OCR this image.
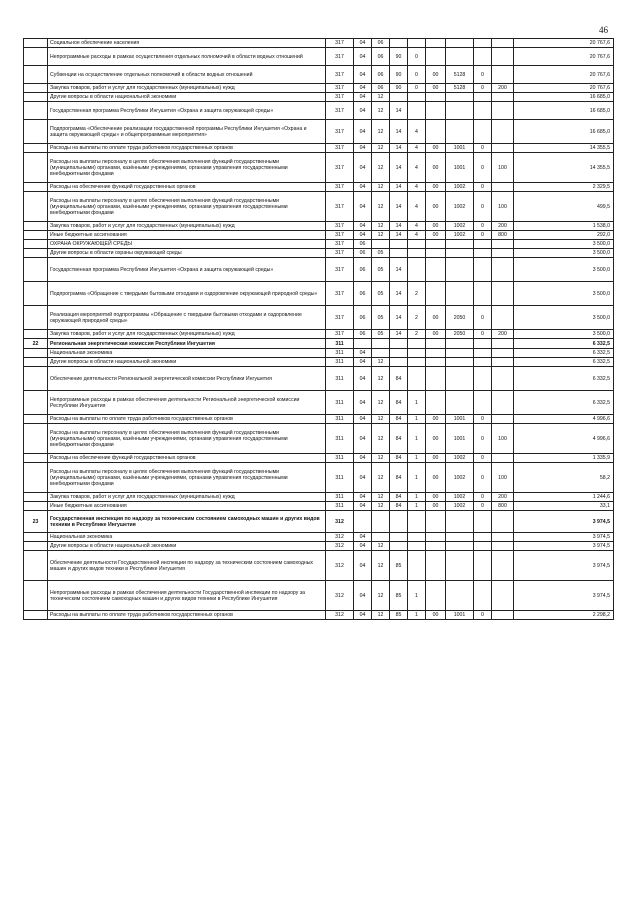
46
	Социальное обеспечение населения	317	04	06							20 767,6
	Непрограммные расходы в рамках осуществления отдельных полномочий в области водных отношений	317	04	06	90	0					20 767,6
	Субвенции на осуществление отдельных полномочий в области водных отношений	317	04	06	90	0	00	5128	0		20 767,6
	Закупка товаров, работ и услуг для государственных (муниципальных) нужд	317	04	06	90	0	00	5128	0	200	20 767,6
	Другие вопросы в области национальной экономики	317	04	12							16 685,0
	Государственная программа Республики Ингушетия «Охрана и защита окружающей среды»	317	04	12	14						16 685,0
	Подпрограмма «Обеспечение реализации государственной программы Республики Ингушетия «Охрана и защита окружающей среды» и общепрограммные мероприятия»	317	04	12	14	4					16 685,0
	Расходы на выплаты по оплате труда работников государственных органов	317	04	12	14	4	00	1001	0		14 355,5
	Расходы на выплаты персоналу в целях обеспечения выполнения функций государственными (муниципальными) органами, казёнными учреждениями, органами управления государственными внебюджетными фондами	317	04	12	14	4	00	1001	0	100	14 355,5
	Расходы на обеспечение функций государственных органов	317	04	12	14	4	00	1002	0		2 329,5
	Расходы на выплаты персоналу в целях обеспечения выполнения функций государственными (муниципальными) органами, казёнными учреждениями, органами управления государственными внебюджетными фондами	317	04	12	14	4	00	1002	0	100	499,5
	Закупка товаров, работ и услуг для государственных (муниципальных) нужд	317	04	12	14	4	00	1002	0	200	1 538,0
	Иные бюджетные ассигнования	317	04	12	14	4	00	1002	0	800	292,0
	ОХРАНА ОКРУЖАЮЩЕЙ СРЕДЫ	317	06								3 500,0
	Другие вопросы в области охраны окружающей среды	317	06	05							3 500,0
	Государственная программа Республики Ингушетия «Охрана и защита окружающей среды»	317	06	05	14						3 500,0
	Подпрограмма «Обращение с твердыми бытовыми отходами и оздоровление окружающей природной среды»	317	06	05	14	2					3 500,0
	Реализация мероприятий подпрограммы «Обращение с твердыми бытовыми отходами и оздоровление окружающей природной среды»	317	06	05	14	2	00	2050	0		3 500,0
	Закупка товаров, работ и услуг для государственных (муниципальных) нужд	317	06	05	14	2	00	2050	0	200	3 500,0
22	Региональная энергетическая комиссия Республики Ингушетия	311									6 332,5
	Национальная экономика	311	04								6 332,5
	Другие вопросы в области национальной экономики	311	04	12							6 332,5
	Обеспечение деятельности Региональной энергетической комиссии Республики Ингушетия	311	04	12	84						6 332,5
	Непрограммные расходы в рамках обеспечения деятельности Региональной энергетической комиссии Республики Ингушетия	311	04	12	84	1					6 332,5
	Расходы на выплаты по оплате труда работников государственных органов	311	04	12	84	1	00	1001	0		4 996,6
	Расходы на выплаты персоналу в целях обеспечения выполнения функций государственными (муниципальными) органами, казёнными учреждениями, органами управления государственными внебюджетными фондами	311	04	12	84	1	00	1001	0	100	4 996,6
	Расходы на обеспечение функций государственных органов	311	04	12	84	1	00	1002	0		1 335,9
	Расходы на выплаты персоналу в целях обеспечения выполнения функций государственными (муниципальными) органами, казёнными учреждениями, органами управления государственными внебюджетными фондами	311	04	12	84	1	00	1002	0	100	58,2
	Закупка товаров, работ и услуг для государственных (муниципальных) нужд	311	04	12	84	1	00	1002	0	200	1 244,6
	Иные бюджетные ассигнования	311	04	12	84	1	00	1002	0	800	33,1
23	Государственная инспекция по надзору за техническим состоянием самоходных машин и других видов техники в Республике Ингушетия	312									3 974,5
	Национальная экономика	312	04								3 974,5
	Другие вопросы в области национальной экономики	312	04	12							3 974,5
	Обеспечение деятельности Государственной инспекции по надзору за техническим состоянием самоходных машин и других видов техники в Республике Ингушетия	312	04	12	85						3 974,5
	Непрограммные расходы в рамках обеспечения деятельности Государственной инспекции по надзору за техническим состоянием самоходных машин и других видов техники в Республике Ингушетия	312	04	12	85	1					3 974,5
	Расходы на выплаты по оплате труда работников государственных органов	312	04	12	85	1	00	1001	0		2 298,2
